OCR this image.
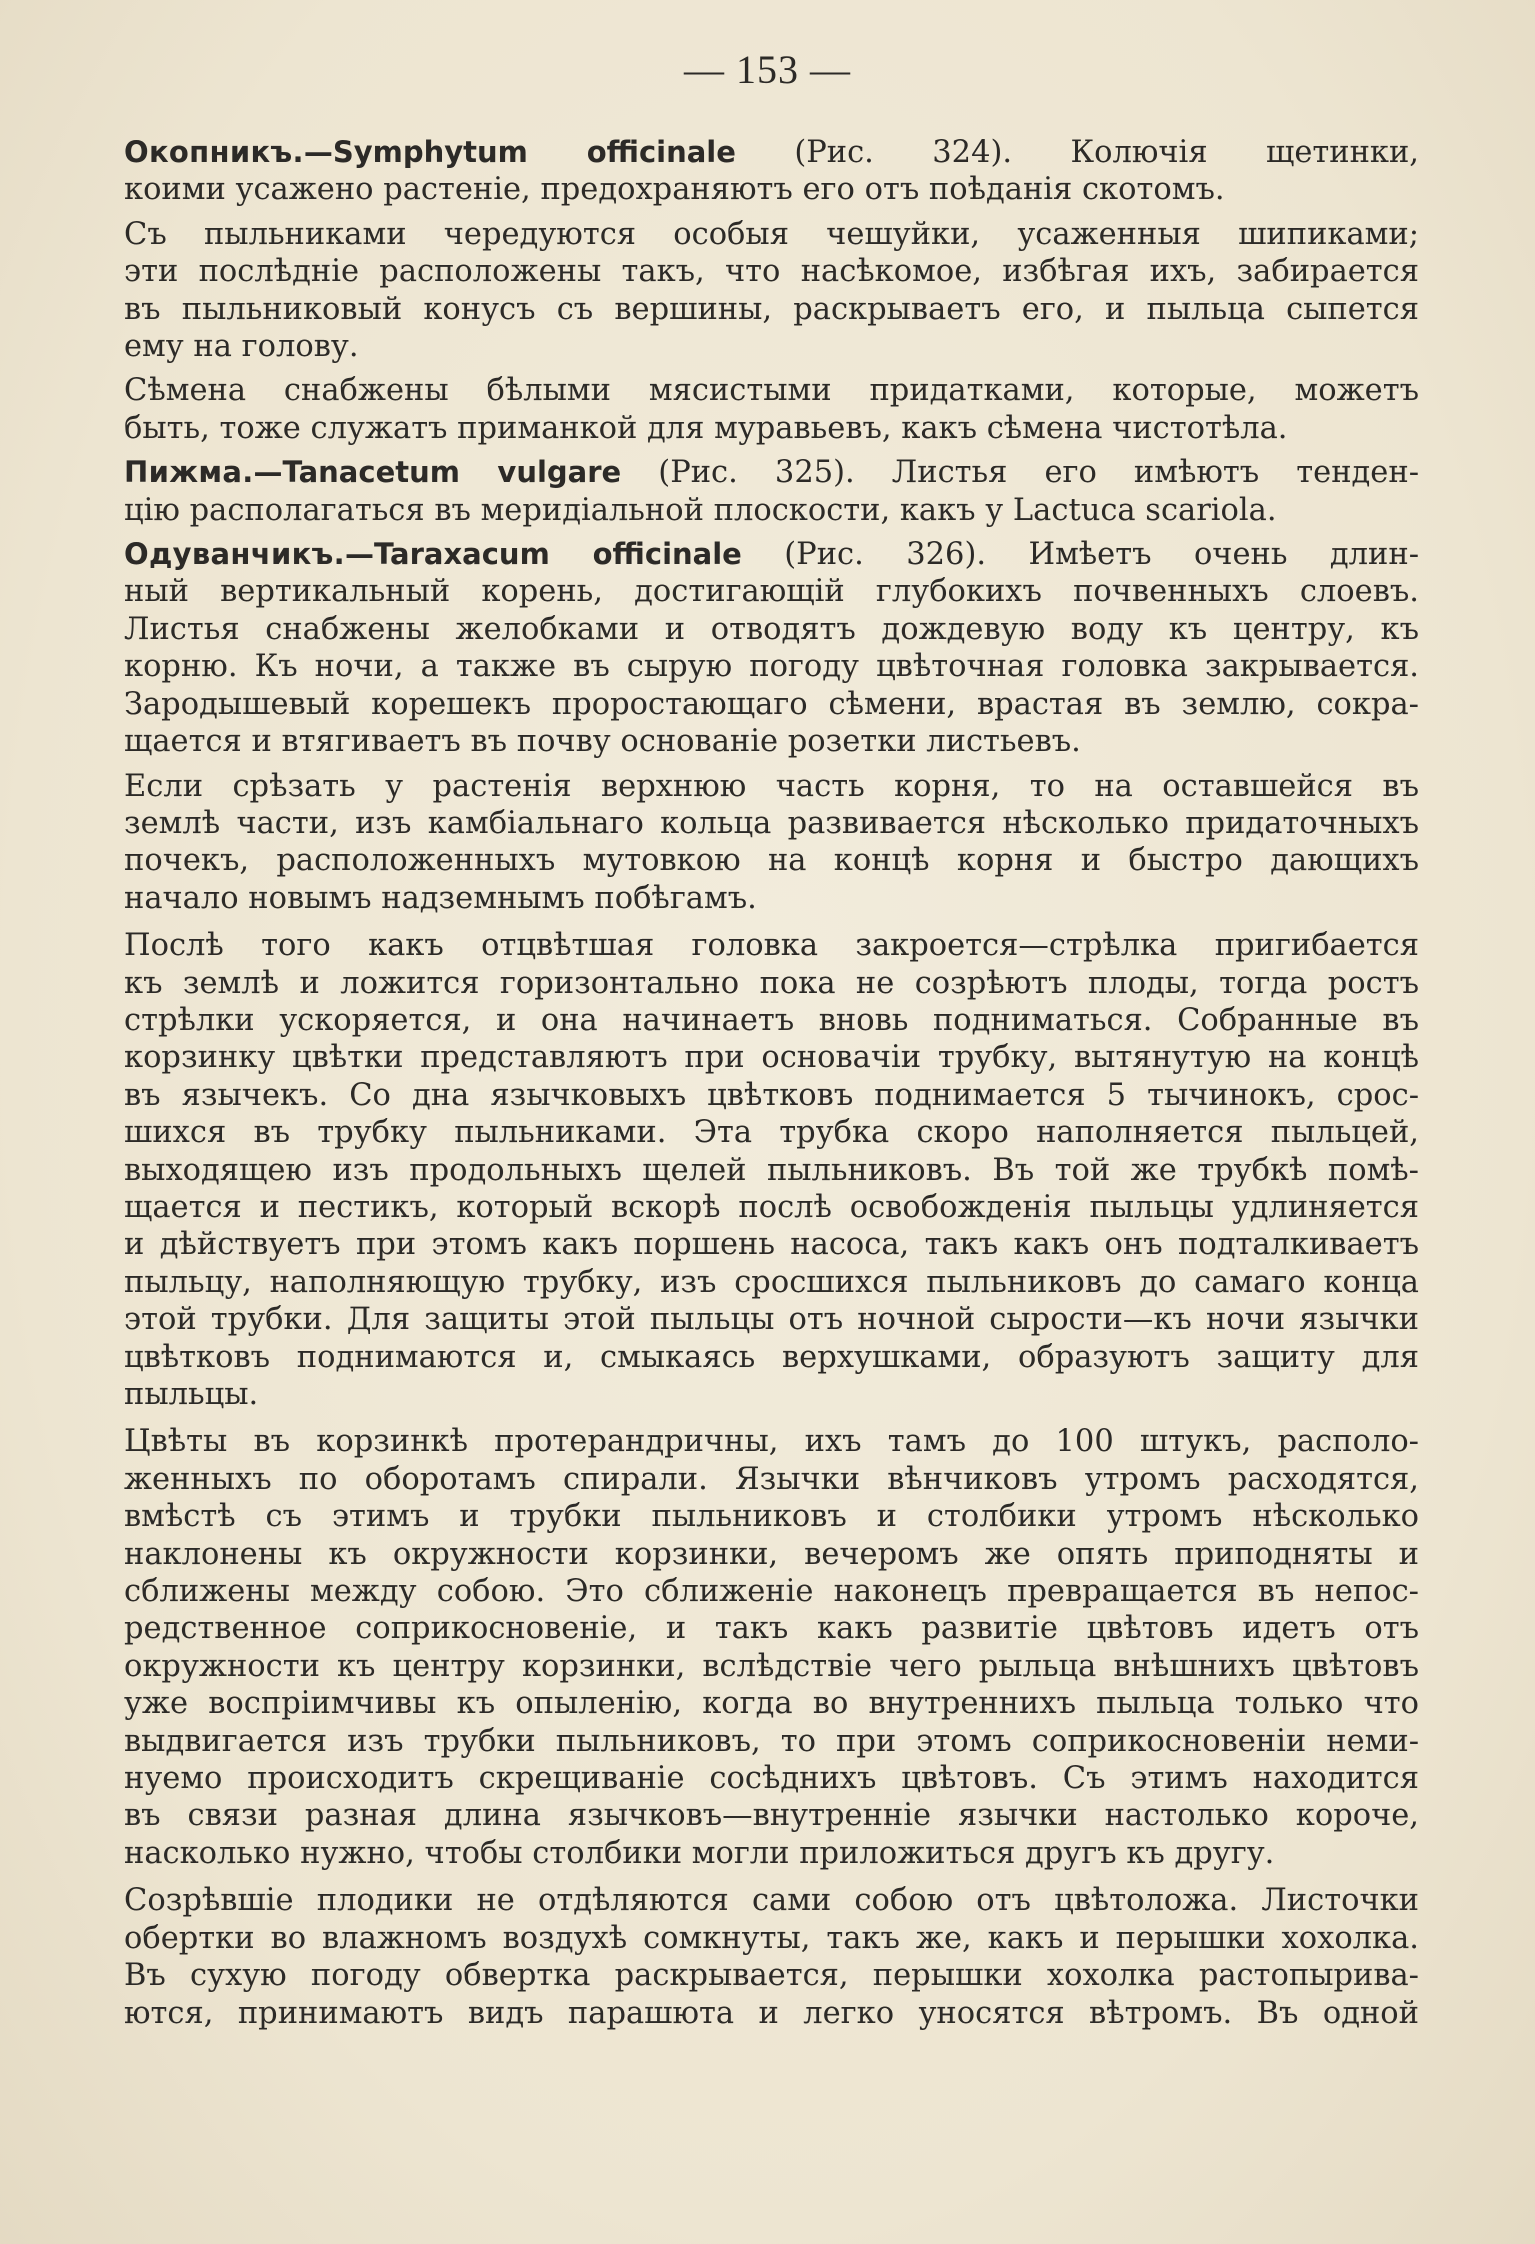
— 153 —
Окопникъ.—Symphytum officinale (Рис. 324). Колючія щетинки,
коими усажено растеніе, предохраняютъ его отъ поѣданія скотомъ.
Съ пыльниками чередуются особыя чешуйки, усаженныя шипиками;
эти послѣдніе расположены такъ, что насѣкомое, избѣгая ихъ, забирается
въ пыльниковый конусъ съ вершины, раскрываетъ его, и пыльца сыпется
ему на голову.
Сѣмена снабжены бѣлыми мясистыми придатками, которые, можетъ
быть, тоже служатъ приманкой для муравьевъ, какъ сѣмена чистотѣла.
Пижма.—Tanacetum vulgare (Рис. 325). Листья его имѣютъ тенден-
цію располагаться въ меридіальной плоскости, какъ у Lactuca scariola.
Одуванчикъ.—Taraxacum officinale (Рис. 326). Имѣетъ очень длин-
ный вертикальный корень, достигающій глубокихъ почвенныхъ слоевъ.
Листья снабжены желобками и отводятъ дождевую воду къ центру, къ
корню. Къ ночи, а также въ сырую погоду цвѣточная головка закрывается.
Зародышевый корешекъ проростающаго сѣмени, врастая въ землю, сокра-
щается и втягиваетъ въ почву основаніе розетки листьевъ.
Если срѣзать у растенія верхнюю часть корня, то на оставшейся въ
землѣ части, изъ камбіальнаго кольца развивается нѣсколько придаточныхъ
почекъ, расположенныхъ мутовкою на концѣ корня и быстро дающихъ
начало новымъ надземнымъ побѣгамъ.
Послѣ того какъ отцвѣтшая головка закроется—стрѣлка пригибается
къ землѣ и ложится горизонтально пока не созрѣютъ плоды, тогда ростъ
стрѣлки ускоряется, и она начинаетъ вновь подниматься. Собранные въ
корзинку цвѣтки представляютъ при основачіи трубку, вытянутую на концѣ
въ язычекъ. Со дна язычковыхъ цвѣтковъ поднимается 5 тычинокъ, срос-
шихся въ трубку пыльниками. Эта трубка скоро наполняется пыльцей,
выходящею изъ продольныхъ щелей пыльниковъ. Въ той же трубкѣ помѣ-
щается и пестикъ, который вскорѣ послѣ освобожденія пыльцы удлиняется
и дѣйствуетъ при этомъ какъ поршень насоса, такъ какъ онъ подталкиваетъ
пыльцу, наполняющую трубку, изъ сросшихся пыльниковъ до самаго конца
этой трубки. Для защиты этой пыльцы отъ ночной сырости—къ ночи язычки
цвѣтковъ поднимаются и, смыкаясь верхушками, образуютъ защиту для
пыльцы.
Цвѣты въ корзинкѣ протерандричны, ихъ тамъ до 100 штукъ, располо-
женныхъ по оборотамъ спирали. Язычки вѣнчиковъ утромъ расходятся,
вмѣстѣ съ этимъ и трубки пыльниковъ и столбики утромъ нѣсколько
наклонены къ окружности корзинки, вечеромъ же опять приподняты и
сближены между собою. Это сближеніе наконецъ превращается въ непос-
редственное соприкосновеніе, и такъ какъ развитіе цвѣтовъ идетъ отъ
окружности къ центру корзинки, вслѣдствіе чего рыльца внѣшнихъ цвѣтовъ
уже воспріимчивы къ опыленію, когда во внутреннихъ пыльца только что
выдвигается изъ трубки пыльниковъ, то при этомъ соприкосновеніи неми-
нуемо происходитъ скрещиваніе сосѣднихъ цвѣтовъ. Съ этимъ находится
въ связи разная длина язычковъ—внутренніе язычки настолько короче,
насколько нужно, чтобы столбики могли приложиться другъ къ другу.
Созрѣвшіе плодики не отдѣляются сами собою отъ цвѣтоложа. Листочки
обертки во влажномъ воздухѣ сомкнуты, такъ же, какъ и перышки хохолка.
Въ сухую погоду обвертка раскрывается, перышки хохолка растопырива-
ются, принимаютъ видъ парашюта и легко уносятся вѣтромъ. Въ одной
